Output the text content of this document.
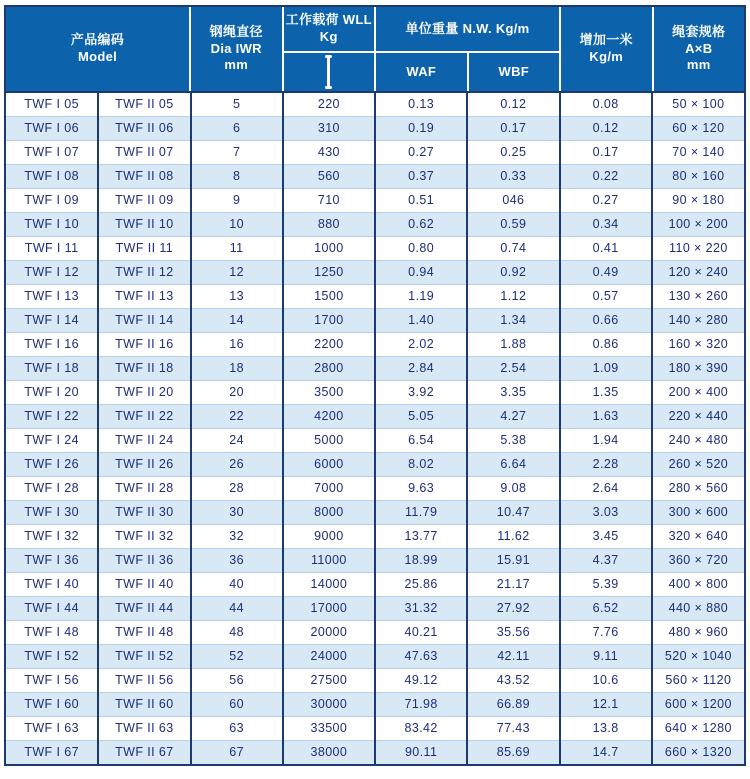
产品编码
Model
钢绳直径
Dia IWR
mm
工作载荷 WLL
Kg
单位重量 N.W. Kg/m
WAF	WBF
增加一米
Kg/m
绳套规格
A×B
mm
TWF I 05	TWF II 05	5	220	0.13	0.12	0.08	50 × 100
TWF I 06	TWF II 06	6	310	0.19	0.17	0.12	60 × 120
TWF I 07	TWF II 07	7	430	0.27	0.25	0.17	70 × 140
TWF I 08	TWF II 08	8	560	0.37	0.33	0.22	80 × 160
TWF I 09	TWF II 09	9	710	0.51	046	0.27	90 × 180
TWF I 10	TWF II 10	10	880	0.62	0.59	0.34	100 × 200
TWF I 11	TWF II 11	11	1000	0.80	0.74	0.41	110 × 220
TWF I 12	TWF II 12	12	1250	0.94	0.92	0.49	120 × 240
TWF I 13	TWF II 13	13	1500	1.19	1.12	0.57	130 × 260
TWF I 14	TWF II 14	14	1700	1.40	1.34	0.66	140 × 280
TWF I 16	TWF II 16	16	2200	2.02	1.88	0.86	160 × 320
TWF I 18	TWF II 18	18	2800	2.84	2.54	1.09	180 × 390
TWF I 20	TWF II 20	20	3500	3.92	3.35	1.35	200 × 400
TWF I 22	TWF II 22	22	4200	5.05	4.27	1.63	220 × 440
TWF I 24	TWF II 24	24	5000	6.54	5.38	1.94	240 × 480
TWF I 26	TWF II 26	26	6000	8.02	6.64	2.28	260 × 520
TWF I 28	TWF II 28	28	7000	9.63	9.08	2.64	280 × 560
TWF I 30	TWF II 30	30	8000	11.79	10.47	3.03	300 × 600
TWF I 32	TWF II 32	32	9000	13.77	11.62	3.45	320 × 640
TWF I 36	TWF II 36	36	11000	18.99	15.91	4.37	360 × 720
TWF I 40	TWF II 40	40	14000	25.86	21.17	5.39	400 × 800
TWF I 44	TWF II 44	44	17000	31.32	27.92	6.52	440 × 880
TWF I 48	TWF II 48	48	20000	40.21	35.56	7.76	480 × 960
TWF I 52	TWF II 52	52	24000	47.63	42.11	9.11	520 × 1040
TWF I 56	TWF II 56	56	27500	49.12	43.52	10.6	560 × 1120
TWF I 60	TWF II 60	60	30000	71.98	66.89	12.1	600 × 1200
TWF I 63	TWF II 63	63	33500	83.42	77.43	13.8	640 × 1280
TWF I 67	TWF II 67	67	38000	90.11	85.69	14.7	660 × 1320
